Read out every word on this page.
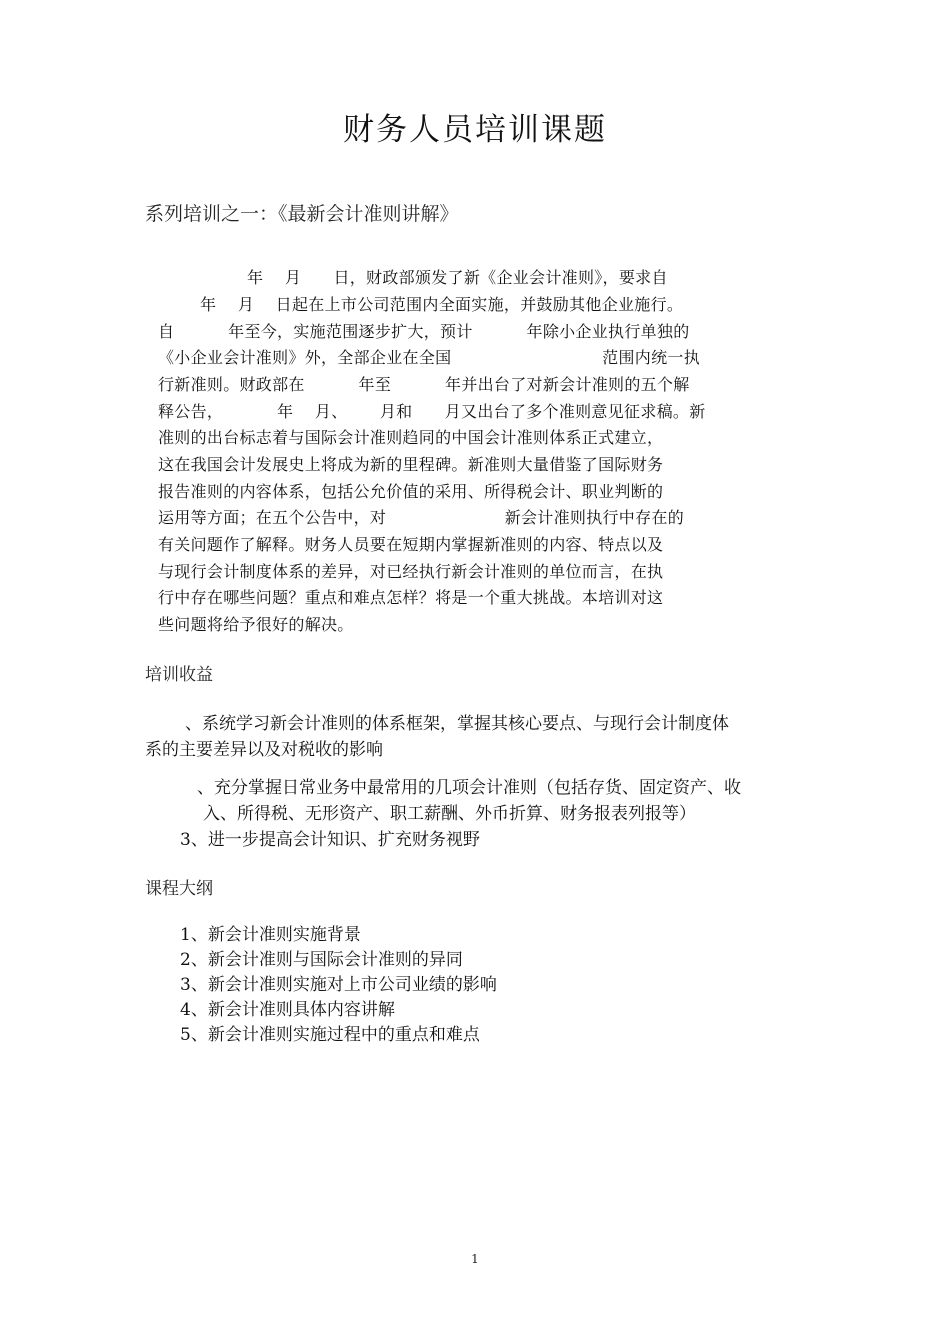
财务人员培训课题
系列培训之一：《最新会计准则讲解》
年    月      日，财政部颁发了新《企业会计准则》，要求自
年    月    日起在上市公司范围内全面实施，并鼓励其他企业施行。
自          年至今，实施范围逐步扩大，预计          年除小企业执行单独的
《小企业会计准则》外，全部企业在全国                            范围内统一执
行新准则。财政部在          年至          年并出台了对新会计准则的五个解
释公告，          年    月、      月和      月又出台了多个准则意见征求稿。新
准则的出台标志着与国际会计准则趋同的中国会计准则体系正式建立，
这在我国会计发展史上将成为新的里程碑。新准则大量借鉴了国际财务
报告准则的内容体系，包括公允价值的采用、所得税会计、职业判断的
运用等方面；在五个公告中，对                      新会计准则执行中存在的
有关问题作了解释。财务人员要在短期内掌握新准则的内容、特点以及
与现行会计制度体系的差异，对已经执行新会计准则的单位而言，在执
行中存在哪些问题？重点和难点怎样？将是一个重大挑战。本培训对这
些问题将给予很好的解决。
培训收益
、系统学习新会计准则的体系框架，掌握其核心要点、与现行会计制度体
系的主要差异以及对税收的影响
、充分掌握日常业务中最常用的几项会计准则（包括存货、固定资产、收
入、所得税、无形资产、职工薪酬、外币折算、财务报表列报等）
3、进一步提高会计知识、扩充财务视野
课程大纲
1、新会计准则实施背景
2、新会计准则与国际会计准则的异同
3、新会计准则实施对上市公司业绩的影响
4、新会计准则具体内容讲解
5、新会计准则实施过程中的重点和难点
1
